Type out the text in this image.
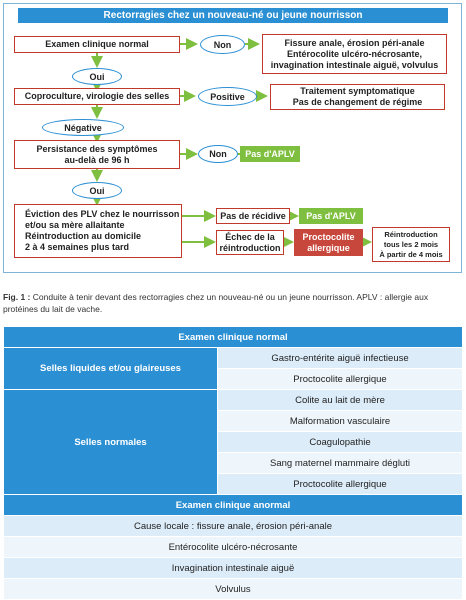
Rectorragies chez un nouveau-né ou jeune nourrisson
Examen clinique normal	Non	Fissure anale, érosion péri-anale
Entérocolite ulcéro-nécrosante,
invagination intestinale aiguë, volvulus
Oui
Coproculture, virologie des selles	Positive
Traitement symptomatique
Pas de changement de régime
Négative
Persistance des symptômes
au-delà de 96 h
Non	Pas d'APLV
Oui
Éviction des PLV chez le nourrisson
et/ou sa mère allaitante
Réintroduction au domicile
2 à 4 semaines plus tard
Pas de récidive	Pas d'APLV
Échec de la
réintroduction
Proctocolite
allergique
Réintroduction
tous les 2 mois
À partir de 4 mois
Fig. 1 : Conduite à tenir devant des rectorragies chez un nouveau-né ou un jeune nourrisson. APLV : allergie aux protéines du lait de vache.
Examen clinique normal	
Selles liquides et/ou glaireuses	Gastro-entérite aiguë infectieuse
	Proctocolite allergique
Selles normales	Colite au lait de mère
	Malformation vasculaire
	Coagulopathie
	Sang maternel mammaire dégluti
	Proctocolite allergique
Examen clinique anormal	
Cause locale : fissure anale, érosion péri-anale	
Entérocolite ulcéro-nécrosante	
Invagination intestinale aiguë	
Volvulus	
